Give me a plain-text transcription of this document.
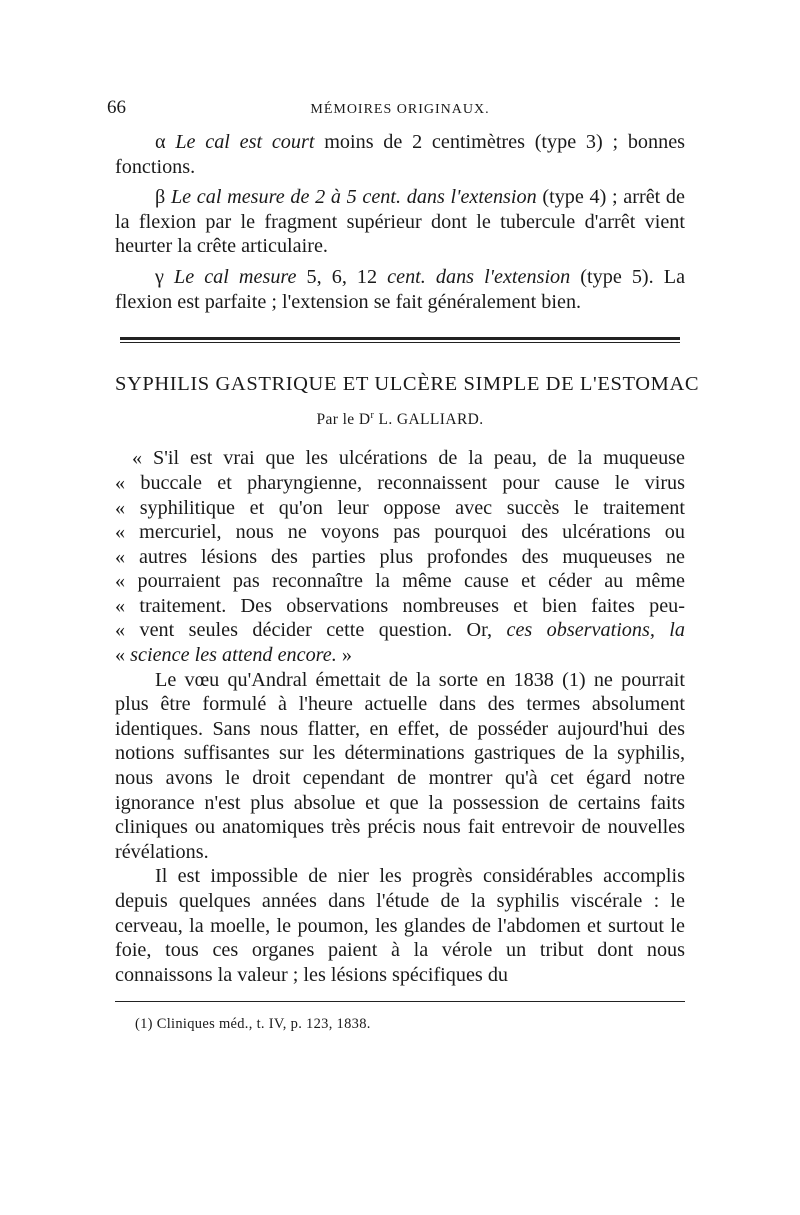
66	MÉMOIRES ORIGINAUX.

α Le cal est court moins de 2 centimètres (type 3) ; bonnes fonctions.

β Le cal mesure de 2 à 5 cent. dans l'extension (type 4) ; arrêt de la flexion par le fragment supérieur dont le tubercule d'arrêt vient heurter la crête articulaire.

γ Le cal mesure 5, 6, 12 cent. dans l'extension (type 5). La flexion est parfaite ; l'extension se fait généralement bien.

SYPHILIS GASTRIQUE ET ULCÈRE SIMPLE DE L'ESTOMAC
Par le $D^r$ L. GALLIARD.
« S'il est vrai que les ulcérations de la peau, de la muqueuse
« buccale et pharyngienne, reconnaissent pour cause le virus
« syphilitique et qu'on leur oppose avec succès le traitement
« mercuriel, nous ne voyons pas pourquoi des ulcérations ou
« autres lésions des parties plus profondes des muqueuses ne
« pourraient pas reconnaître la même cause et céder au même
« traitement. Des observations nombreuses et bien faites peu-
« vent seules décider cette question. Or, ces observations, la
« science les attend encore. »

Le vœu qu'Andral émettait de la sorte en 1838 (1) ne pourrait plus être formulé à l'heure actuelle dans des termes absolument identiques. Sans nous flatter, en effet, de posséder aujourd'hui des notions suffisantes sur les déterminations gastriques de la syphilis, nous avons le droit cependant de montrer qu'à cet égard notre ignorance n'est plus absolue et que la possession de certains faits cliniques ou anatomiques très précis nous fait entrevoir de nouvelles révélations.

Il est impossible de nier les progrès considérables accomplis depuis quelques années dans l'étude de la syphilis viscérale : le cerveau, la moelle, le poumon, les glandes de l'abdomen et surtout le foie, tous ces organes paient à la vérole un tribut dont nous connaissons la valeur ; les lésions spécifiques du

(1) Cliniques méd., t. IV, p. 123, 1838.
